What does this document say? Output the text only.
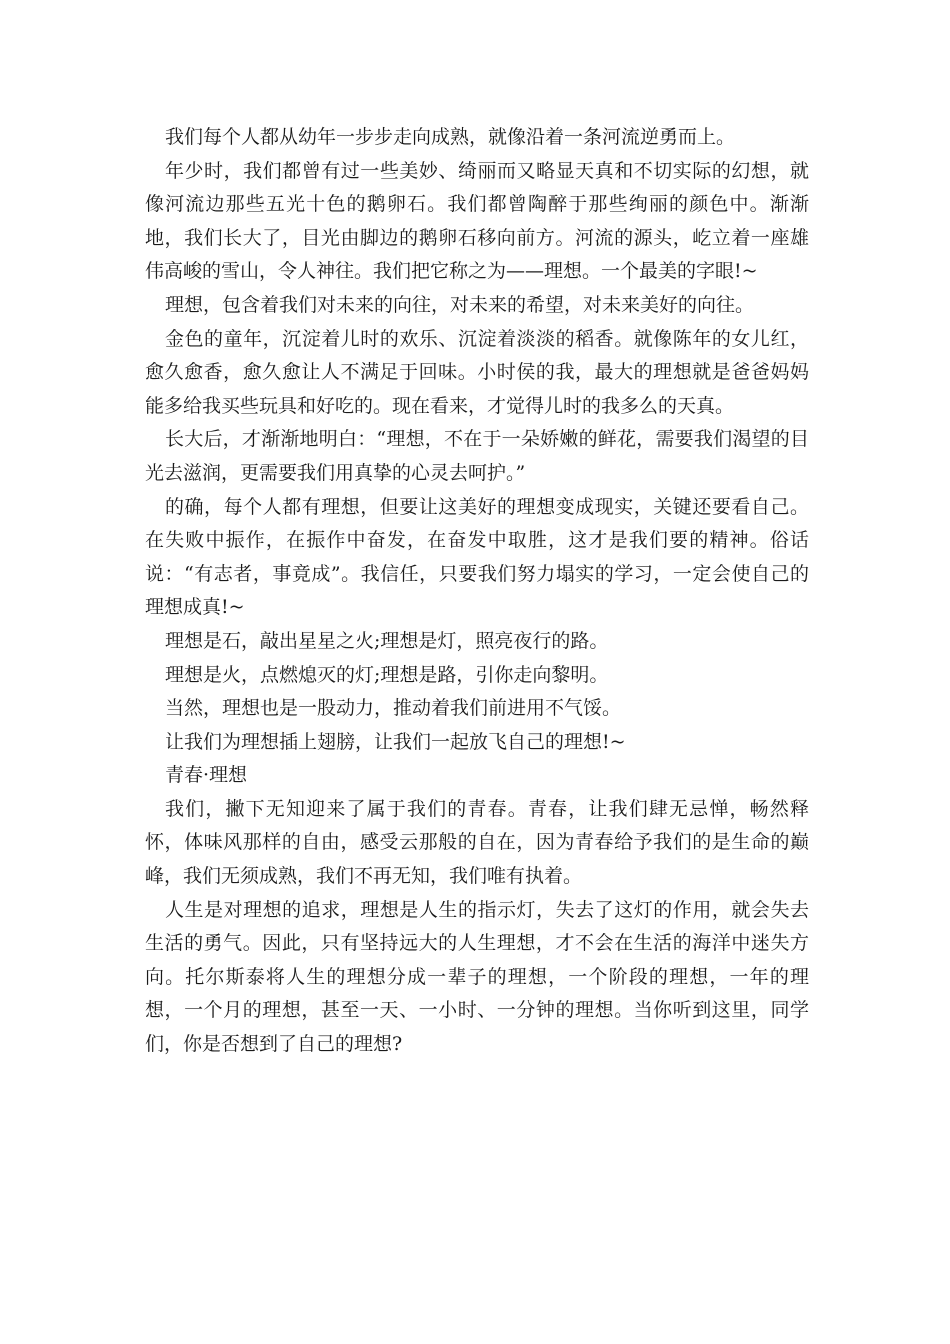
我们每个人都从幼年一步步走向成熟，就像沿着一条河流逆勇而上。

年少时，我们都曾有过一些美妙、绮丽而又略显天真和不切实际的幻想，就像河流边那些五光十色的鹅卵石。我们都曾陶醉于那些绚丽的颜色中。渐渐地，我们长大了，目光由脚边的鹅卵石移向前方。河流的源头，屹立着一座雄伟高峻的雪山，令人神往。我们把它称之为——理想。一个最美的字眼!~

理想，包含着我们对未来的向往，对未来的希望，对未来美好的向往。

金色的童年，沉淀着儿时的欢乐、沉淀着淡淡的稻香。就像陈年的女儿红，愈久愈香，愈久愈让人不满足于回味。小时侯的我，最大的理想就是爸爸妈妈能多给我买些玩具和好吃的。现在看来，才觉得儿时的我多么的天真。

长大后，才渐渐地明白：“理想，不在于一朵娇嫩的鲜花，需要我们渴望的目光去滋润，更需要我们用真挚的心灵去呵护。”

的确，每个人都有理想，但要让这美好的理想变成现实，关键还要看自己。在失败中振作，在振作中奋发，在奋发中取胜，这才是我们要的精神。俗话说：“有志者，事竟成”。我信任，只要我们努力塌实的学习，一定会使自己的理想成真!~

理想是石，敲出星星之火;理想是灯，照亮夜行的路。

理想是火，点燃熄灭的灯;理想是路，引你走向黎明。

当然，理想也是一股动力，推动着我们前进用不气馁。

让我们为理想插上翅膀，让我们一起放飞自己的理想!~

青春·理想

我们，撇下无知迎来了属于我们的青春。青春，让我们肆无忌惮，畅然释怀，体味风那样的自由，感受云那般的自在，因为青春给予我们的是生命的巅峰，我们无须成熟，我们不再无知，我们唯有执着。

人生是对理想的追求，理想是人生的指示灯，失去了这灯的作用，就会失去生活的勇气。因此，只有坚持远大的人生理想，才不会在生活的海洋中迷失方向。托尔斯泰将人生的理想分成一辈子的理想，一个阶段的理想，一年的理想，一个月的理想，甚至一天、一小时、一分钟的理想。当你听到这里，同学们，你是否想到了自己的理想?
